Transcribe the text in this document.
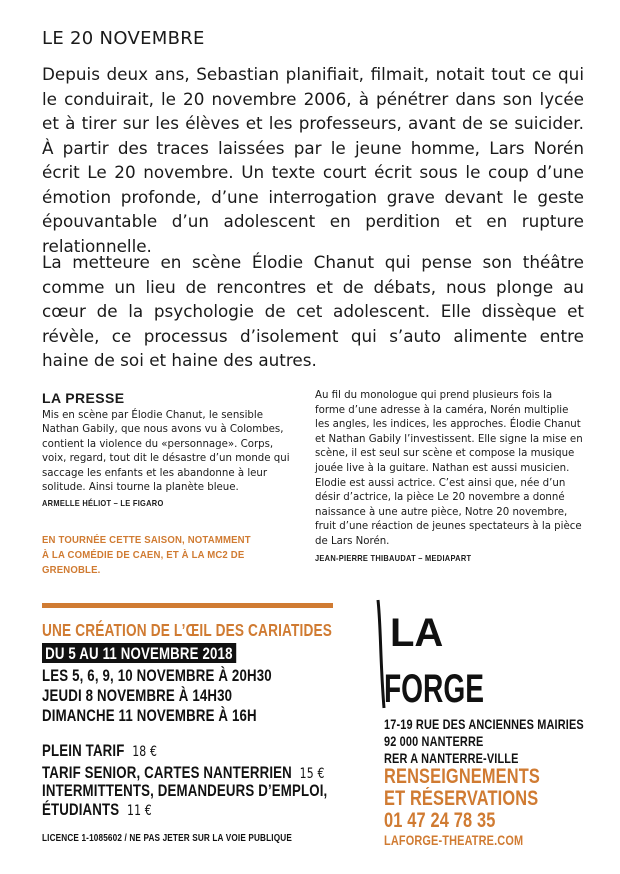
LE 20 NOVEMBRE

Depuis deux ans, Sebastian planifiait, filmait, notait tout ce qui le conduirait, le 20 novembre 2006, à pénétrer dans son lycée et à tirer sur les élèves et les professeurs, avant de se suicider. À partir des traces laissées par le jeune homme, Lars Norén écrit Le 20 novembre. Un texte court écrit sous le coup d’une émotion profonde, d’une interrogation grave devant le geste épouvantable d’un adolescent en perdition et en rupture relationnelle.

La metteure en scène Élodie Chanut qui pense son théâtre comme un lieu de rencontres et de débats, nous plonge au cœur de la psychologie de cet adolescent. Elle dissèque et révèle, ce processus d’isolement qui s’auto alimente entre haine de soi et haine des autres.

LA PRESSE

Mis en scène par Élodie Chanut, le sensible Nathan Gabily, que nous avons vu à Colombes, contient la violence du «personnage». Corps, voix, regard, tout dit le désastre d’un monde qui saccage les enfants et les abandonne à leur solitude. Ainsi tourne la planète bleue.

ARMELLE HÉLIOT – LE FIGARO

Au fil du monologue qui prend plusieurs fois la forme d’une adresse à la caméra, Norén multiplie les angles, les indices, les approches. Élodie Chanut et Nathan Gabily l’investissent. Elle signe la mise en scène, il est seul sur scène et compose la musique jouée live à la guitare. Nathan est aussi musicien. Elodie est aussi actrice. C’est ainsi que, née d’un désir d’actrice, la pièce Le 20 novembre a donné naissance à une autre pièce, Notre 20 novembre, fruit d’une réaction de jeunes spectateurs à la pièce de Lars Norén.

JEAN-PIERRE THIBAUDAT – MEDIAPART
EN TOURNÉE CETTE SAISON, NOTAMMENT
À LA COMÉDIE DE CAEN, ET À LA MC2 DE GRENOBLE.
UNE CRÉATION DE L’ŒIL DES CARIATIDES
DU 5 AU 11 NOVEMBRE 2018
LES 5, 6, 9, 10 NOVEMBRE À 20H30
JEUDI 8 NOVEMBRE À 14H30
DIMANCHE 11 NOVEMBRE À 16H
PLEIN TARIF 18 €
TARIF SENIOR, CARTES NANTERRIEN 15 €
INTERMITTENTS, DEMANDEURS D’EMPLOI,
ÉTUDIANTS 11 €
LICENCE 1-1085602 / NE PAS JETER SUR LA VOIE PUBLIQUE
LA
FORGE
17-19 RUE DES ANCIENNES MAIRIES
92 000 NANTERRE
RER A NANTERRE-VILLE
RENSEIGNEMENTS
ET RÉSERVATIONS
01 47 24 78 35
LAFORGE-THEATRE.COM
